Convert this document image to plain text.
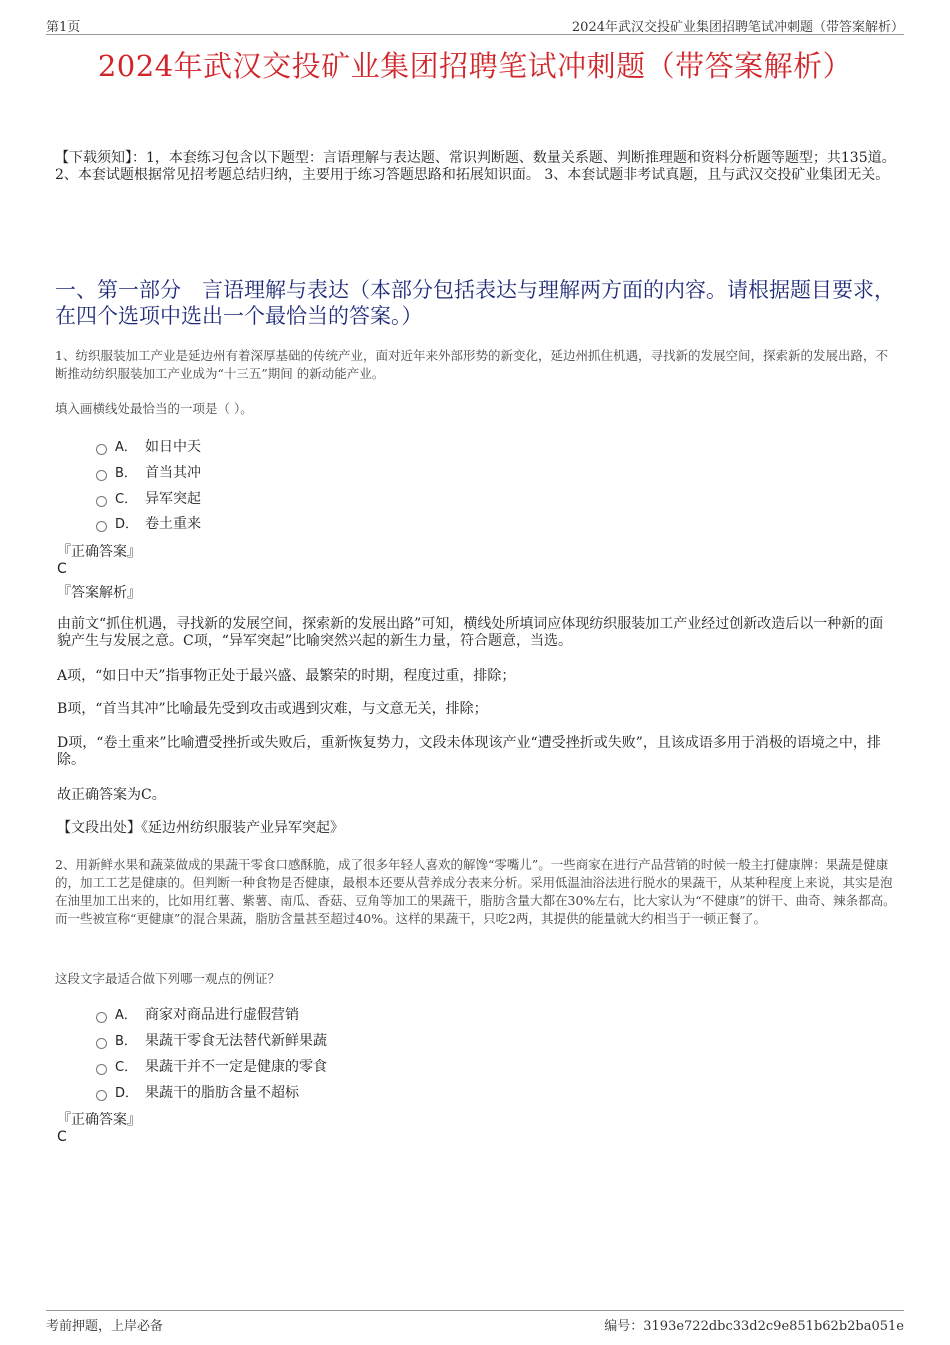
第1页	2024年武汉交投矿业集团招聘笔试冲刺题（带答案解析）
2024年武汉交投矿业集团招聘笔试冲刺题（带答案解析）
【下载须知】：1，本套练习包含以下题型：言语理解与表达题、常识判断题、数量关系题、判断推理题和资料分析题等题型；共135道。 2、本套试题根据常见招考题总结归纳，主要用于练习答题思路和拓展知识面。 3、本套试题非考试真题，且与武汉交投矿业集团无关。
一、第一部分　言语理解与表达（本部分包括表达与理解两方面的内容。请根据题目要求，在四个选项中选出一个最恰当的答案。）
1、纺织服装加工产业是延边州有着深厚基础的传统产业，面对近年来外部形势的新变化，延边州抓住机遇，寻找新的发展空间，探索新的发展出路，不断推动纺织服装加工产业成为“十三五”期间 的新动能产业。
填入画横线处最恰当的一项是（ ）。
A． 如日中天
B． 首当其冲
C． 异军突起
D． 卷土重来
『正确答案』
C
『答案解析』
由前文“抓住机遇，寻找新的发展空间，探索新的发展出路”可知，横线处所填词应体现纺织服装加工产业经过创新改造后以一种新的面貌产生与发展之意。C项，“异军突起”比喻突然兴起的新生力量，符合题意，当选。
A项，“如日中天”指事物正处于最兴盛、最繁荣的时期，程度过重，排除；
B项，“首当其冲”比喻最先受到攻击或遇到灾难，与文意无关，排除；
D项，“卷土重来”比喻遭受挫折或失败后，重新恢复势力，文段未体现该产业“遭受挫折或失败”，且该成语多用于消极的语境之中，排除。
故正确答案为C。
【文段出处】《延边州纺织服装产业异军突起》
2、用新鲜水果和蔬菜做成的果蔬干零食口感酥脆，成了很多年轻人喜欢的解馋“零嘴儿”。一些商家在进行产品营销的时候一般主打健康牌：果蔬是健康的，加工工艺是健康的。但判断一种食物是否健康，最根本还要从营养成分表来分析。采用低温油浴法进行脱水的果蔬干，从某种程度上来说，其实是泡在油里加工出来的，比如用红薯、紫薯、南瓜、香菇、豆角等加工的果蔬干，脂肪含量大都在30%左右，比大家认为“不健康”的饼干、曲奇、辣条都高。而一些被宣称“更健康”的混合果蔬，脂肪含量甚至超过40%。这样的果蔬干，只吃2两，其提供的能量就大约相当于一顿正餐了。
这段文字最适合做下列哪一观点的例证？
A． 商家对商品进行虚假营销
B． 果蔬干零食无法替代新鲜果蔬
C． 果蔬干并不一定是健康的零食
D． 果蔬干的脂肪含量不超标
『正确答案』
C
考前押题，上岸必备	编号：3193e722dbc33d2c9e851b62b2ba051e
